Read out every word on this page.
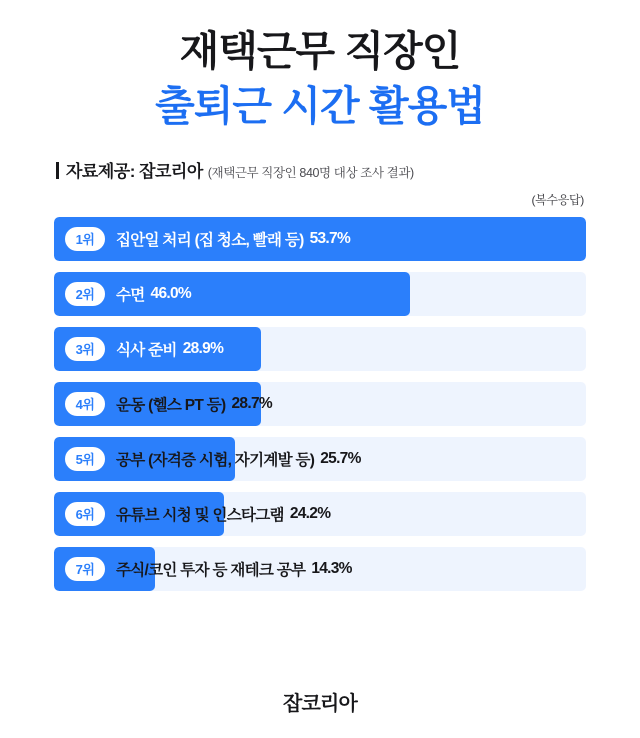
재택근무 직장인
출퇴근 시간 활용법
자료제공: 잡코리아 (재택근무 직장인 840명 대상 조사 결과)
(복수응답)
1위	집안일 처리 (집 청소, 빨래 등) 53.7%
2위	수면 46.0%
3위	식사 준비 28.9%
4위	운동 (헬스 PT 등) 28.7%
5위	공부 (자격증 시험, 자기계발 등) 25.7%
6위	유튜브 시청 및 인스타그램 24.2%
7위	주식/코인 투자 등 재테크 공부 14.3%
잡코리아
